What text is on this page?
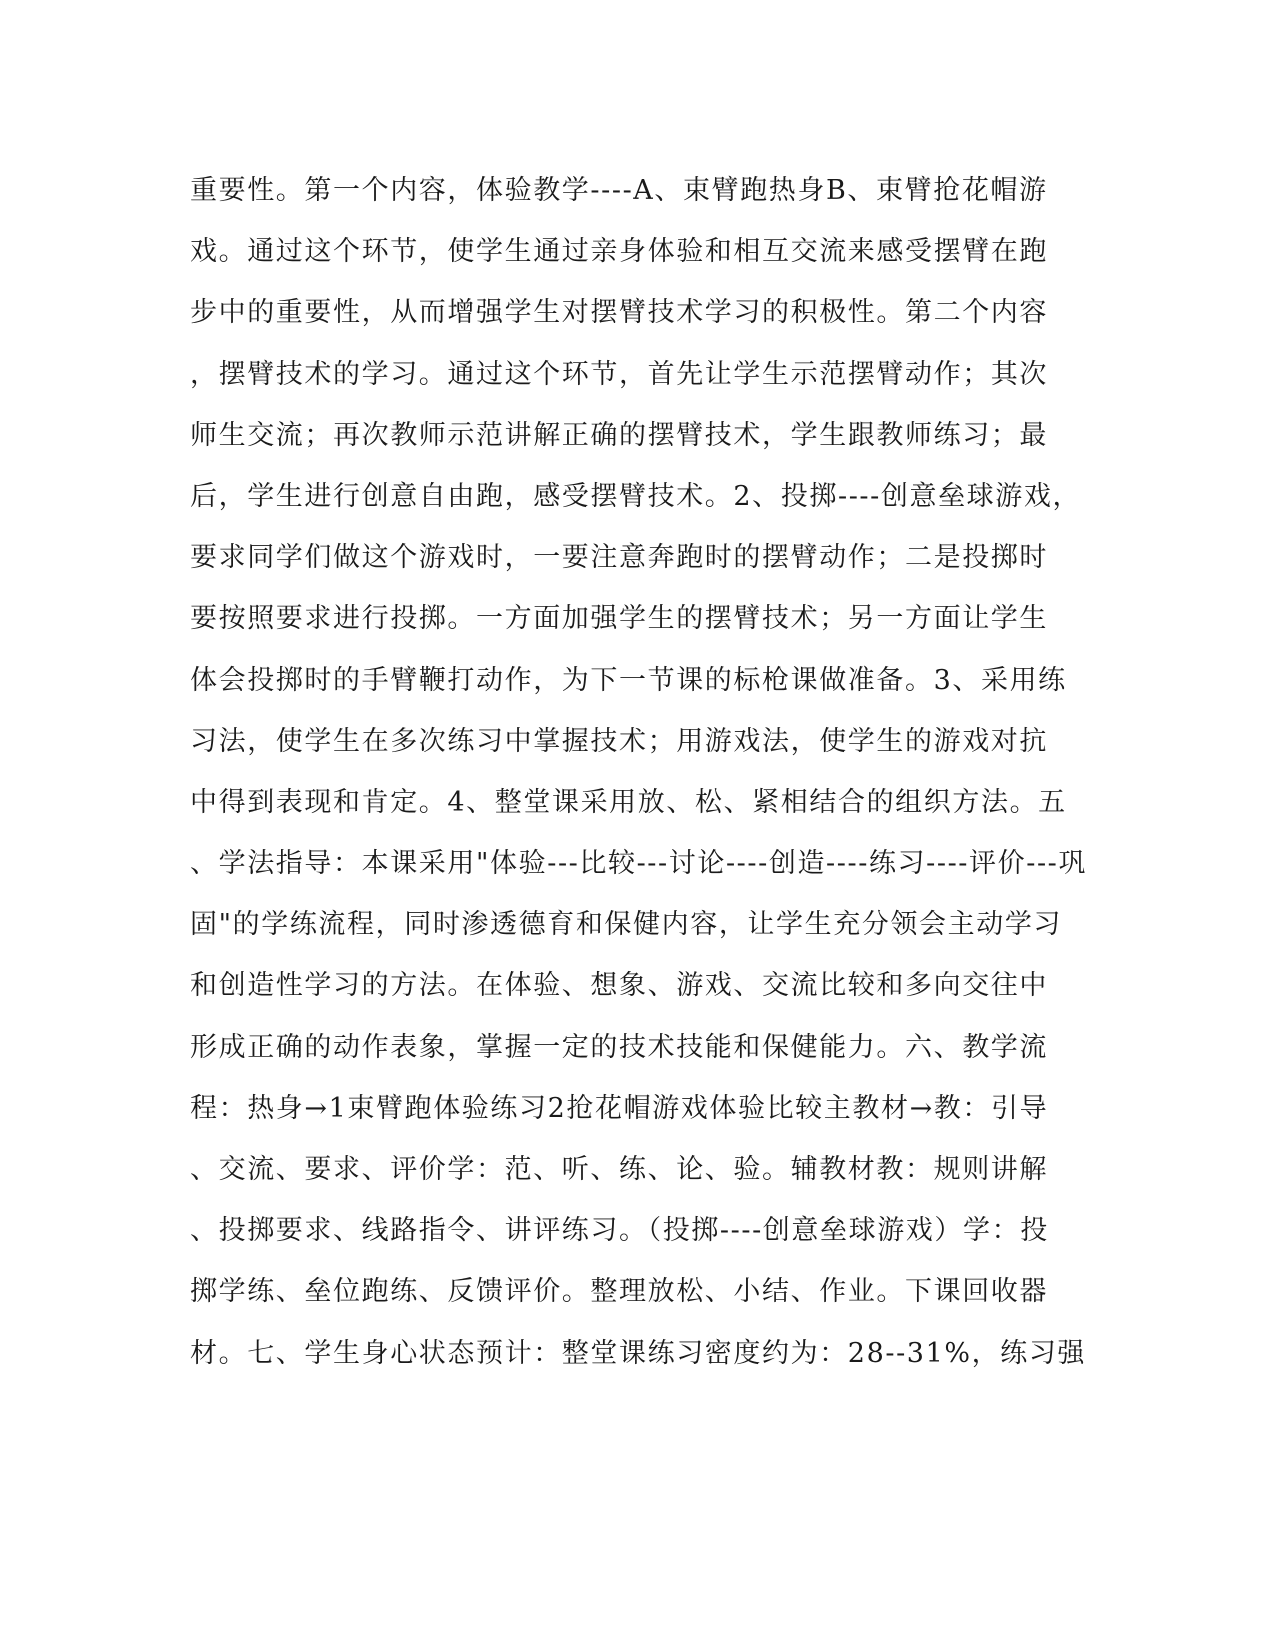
重要性。第一个内容，体验教学----A、束臂跑热身B、束臂抢花帽游
戏。通过这个环节，使学生通过亲身体验和相互交流来感受摆臂在跑
步中的重要性，从而增强学生对摆臂技术学习的积极性。第二个内容
，摆臂技术的学习。通过这个环节，首先让学生示范摆臂动作；其次
师生交流；再次教师示范讲解正确的摆臂技术，学生跟教师练习；最
后，学生进行创意自由跑，感受摆臂技术。2、投掷----创意垒球游戏，
要求同学们做这个游戏时，一要注意奔跑时的摆臂动作；二是投掷时
要按照要求进行投掷。一方面加强学生的摆臂技术；另一方面让学生
体会投掷时的手臂鞭打动作，为下一节课的标枪课做准备。3、采用练
习法，使学生在多次练习中掌握技术；用游戏法，使学生的游戏对抗
中得到表现和肯定。4、整堂课采用放、松、紧相结合的组织方法。五
、学法指导：本课采用"体验---比较---讨论----创造----练习----评价---巩
固"的学练流程，同时渗透德育和保健内容，让学生充分领会主动学习
和创造性学习的方法。在体验、想象、游戏、交流比较和多向交往中
形成正确的动作表象，掌握一定的技术技能和保健能力。六、教学流
程：热身→1束臂跑体验练习2抢花帽游戏体验比较主教材→教：引导
、交流、要求、评价学：范、听、练、论、验。辅教材教：规则讲解
、投掷要求、线路指令、讲评练习。（投掷----创意垒球游戏）学：投
掷学练、垒位跑练、反馈评价。整理放松、小结、作业。下课回收器
材。七、学生身心状态预计：整堂课练习密度约为：28--31%，练习强
